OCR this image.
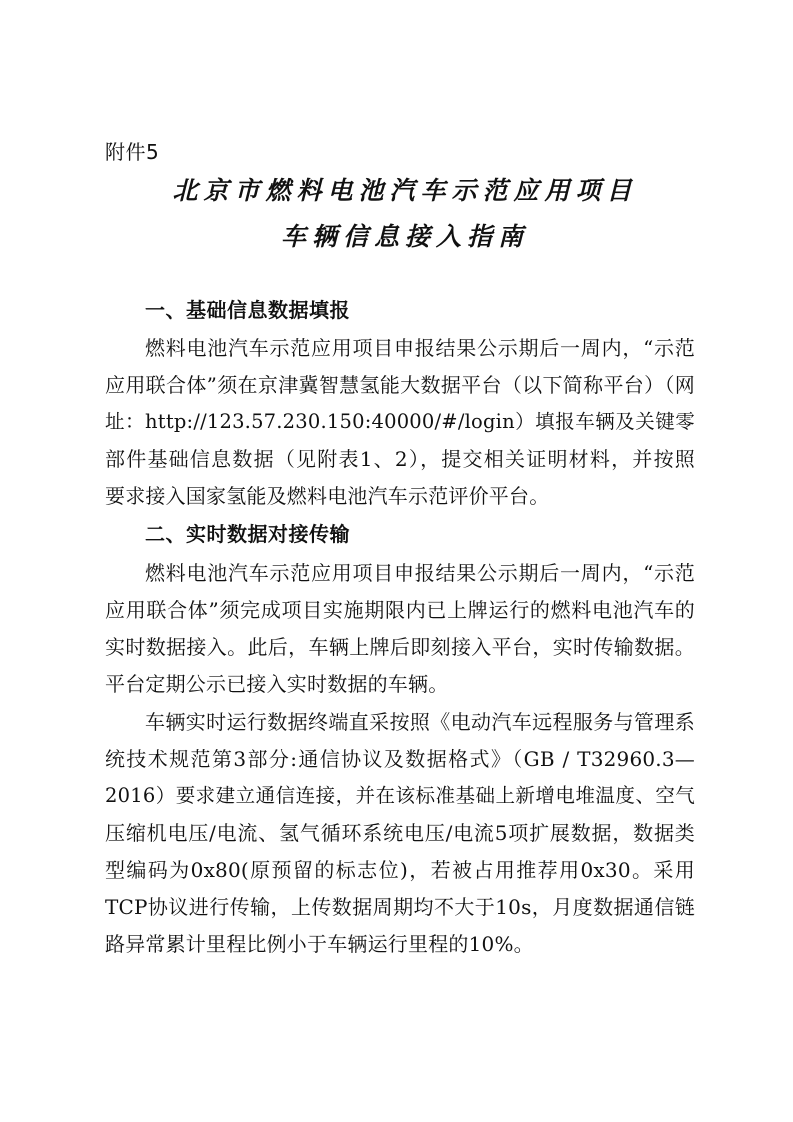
附件5
北京市燃料电池汽车示范应用项目
车辆信息接入指南
一、基础信息数据填报
燃料电池汽车示范应用项目申报结果公示期后一周内，“示范
应用联合体”须在京津冀智慧氢能大数据平台（以下简称平台）（网
址：http://123.57.230.150:40000/#/login）填报车辆及关键零
部件基础信息数据（见附表1、2），提交相关证明材料，并按照
要求接入国家氢能及燃料电池汽车示范评价平台。
二、实时数据对接传输
燃料电池汽车示范应用项目申报结果公示期后一周内，“示范
应用联合体”须完成项目实施期限内已上牌运行的燃料电池汽车的
实时数据接入。此后，车辆上牌后即刻接入平台，实时传输数据。
平台定期公示已接入实时数据的车辆。
车辆实时运行数据终端直采按照《电动汽车远程服务与管理系
统技术规范第3部分:通信协议及数据格式》（GB / T32960.3—
2016）要求建立通信连接，并在该标准基础上新增电堆温度、空气
压缩机电压/电流、氢气循环系统电压/电流5项扩展数据，数据类
型编码为0x80(原预留的标志位)，若被占用推荐用0x30。采用
TCP协议进行传输，上传数据周期均不大于10s，月度数据通信链
路异常累计里程比例小于车辆运行里程的10%。
